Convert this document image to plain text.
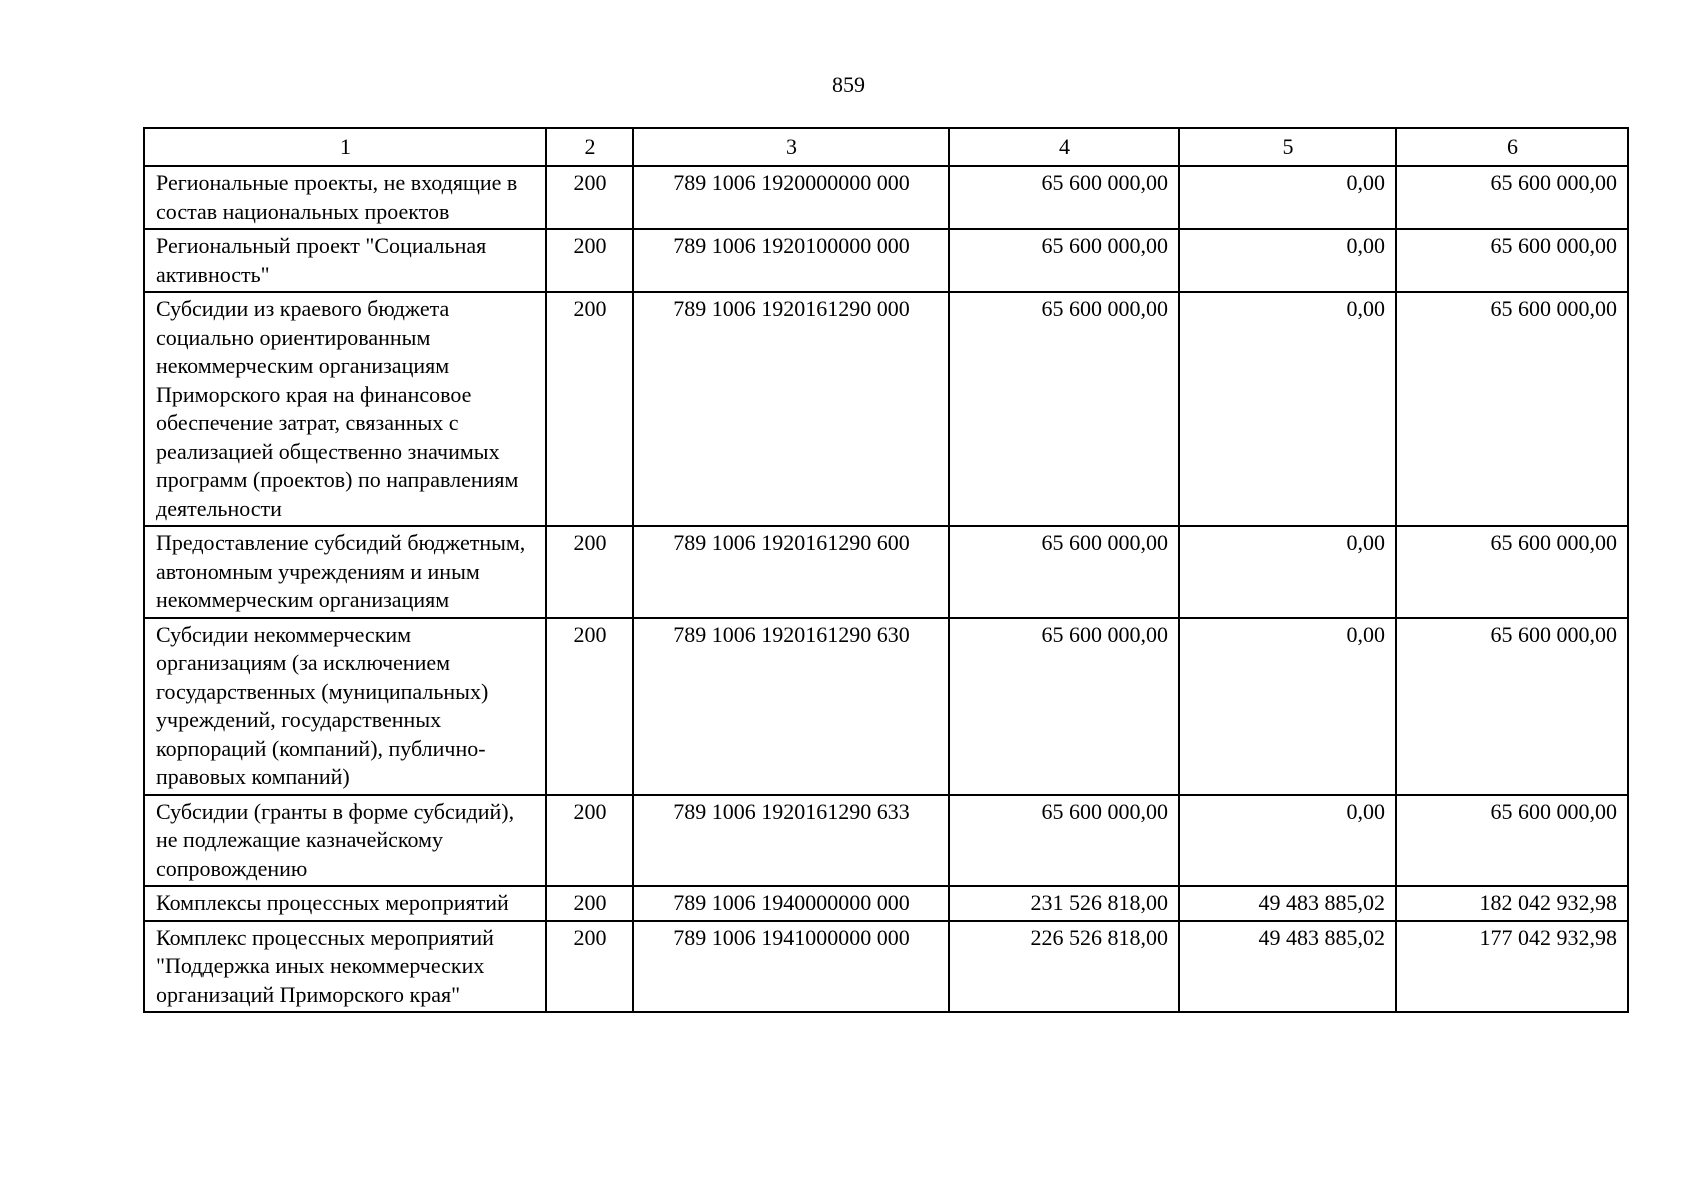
859
1	2	3	4	5	6
Региональные проекты, не входящие в состав национальных проектов	200	789 1006 1920000000 000	65 600 000,00	0,00	65 600 000,00
Региональный проект "Социальная активность"	200	789 1006 1920100000 000	65 600 000,00	0,00	65 600 000,00
Субсидии из краевого бюджета социально ориентированным некоммерческим организациям Приморского края на финансовое обеспечение затрат, связанных с реализацией общественно значимых программ (проектов) по направлениям деятельности	200	789 1006 1920161290 000	65 600 000,00	0,00	65 600 000,00
Предоставление субсидий бюджетным, автономным учреждениям и иным некоммерческим организациям	200	789 1006 1920161290 600	65 600 000,00	0,00	65 600 000,00
Субсидии некоммерческим организациям (за исключением государственных (муниципальных) учреждений, государственных корпораций (компаний), публично-правовых компаний)	200	789 1006 1920161290 630	65 600 000,00	0,00	65 600 000,00
Субсидии (гранты в форме субсидий), не подлежащие казначейскому сопровождению	200	789 1006 1920161290 633	65 600 000,00	0,00	65 600 000,00
Комплексы процессных мероприятий	200	789 1006 1940000000 000	231 526 818,00	49 483 885,02	182 042 932,98
Комплекс процессных мероприятий "Поддержка иных некоммерческих организаций Приморского края"	200	789 1006 1941000000 000	226 526 818,00	49 483 885,02	177 042 932,98
